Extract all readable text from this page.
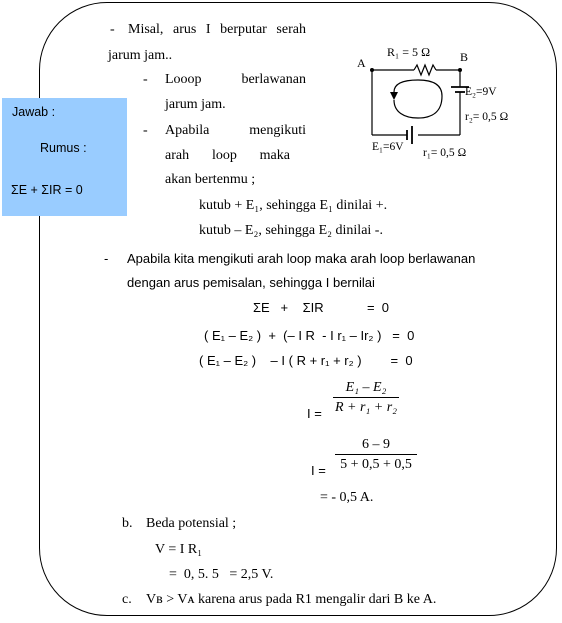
Jawab :
Rumus :
ΣE + ΣIR = 0
- Misal, arus I berputar serah
jarum jam..
- Looop	berlawanan
jarum jam.
- Apabila	mengikuti
arah loop maka
akan bertenmu ;
kutub + E₁, sehingga E₁ dinilai +.
kutub – E₂, sehingga E₂ dinilai -.
A	B
R₁ = 5 Ω
E₂=9V
r₂= 0,5 Ω
E₁=6V r₁= 0,5 Ω
- Apabila kita mengikuti arah loop maka arah loop berlawanan
dengan arus pemisalan, sehingga I bernilai
ΣE   +    ΣIR            =  0
( E₁ – E₂ )  +  (– I R  - I r₁ – Ir₂ )   =  0
( E₁ – E₂ )    – I ( R + r₁ + r₂ )        =  0
I =
E₁ – E₂
R + r₁ + r₂
I =
6 – 9
5 + 0,5 + 0,5
= - 0,5 A.
b. Beda potensial ;
V = I R₁
=  0, 5. 5   = 2,5 V.
c. Vʙ > Vᴀ karena arus pada R1 mengalir dari B ke A.
